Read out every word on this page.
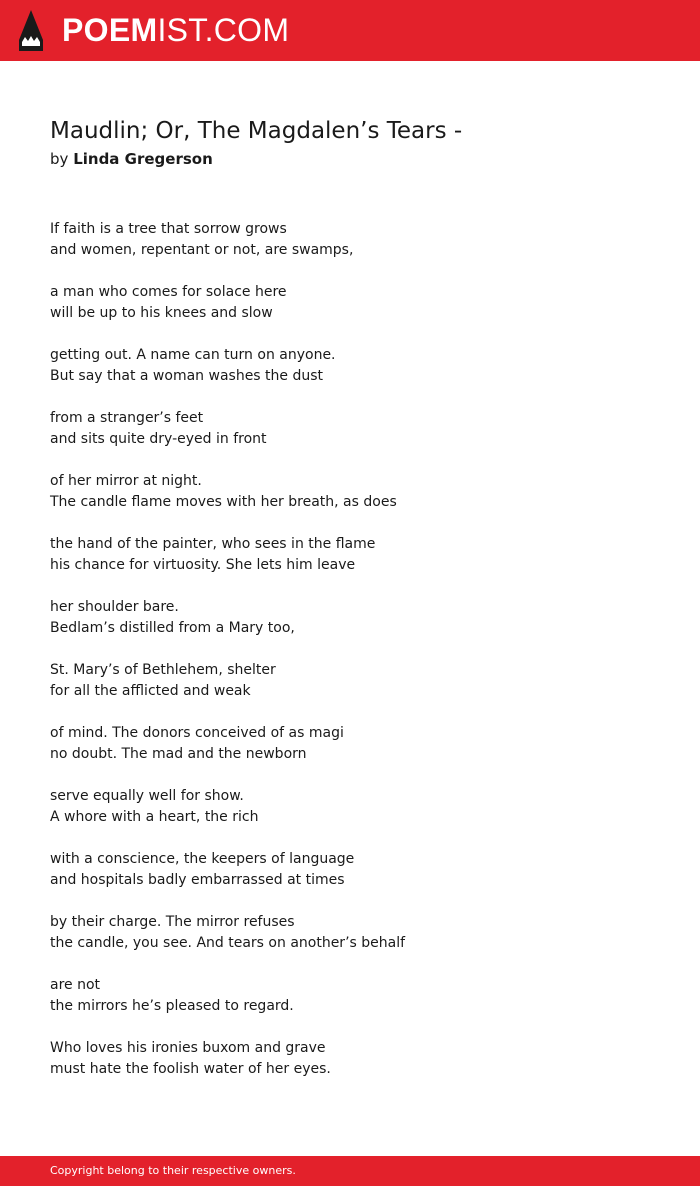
POEM IST.COM
Maudlin; Or, The Magdalen’s Tears -
by Linda Gregerson
If faith is a tree that sorrow grows
and women, repentant or not, are swamps,
a man who comes for solace here
will be up to his knees and slow
getting out. A name can turn on anyone.
But say that a woman washes the dust
from a stranger’s feet
and sits quite dry-eyed in front
of her mirror at night.
The candle flame moves with her breath, as does
the hand of the painter, who sees in the flame
his chance for virtuosity. She lets him leave
her shoulder bare.
Bedlam’s distilled from a Mary too,
St. Mary’s of Bethlehem, shelter
for all the afflicted and weak
of mind. The donors conceived of as magi
no doubt. The mad and the newborn
serve equally well for show.
A whore with a heart, the rich
with a conscience, the keepers of language
and hospitals badly embarrassed at times
by their charge. The mirror refuses
the candle, you see. And tears on another’s behalf
are not
the mirrors he’s pleased to regard.
Who loves his ironies buxom and grave
must hate the foolish water of her eyes.
Copyright belong to their respective owners.
